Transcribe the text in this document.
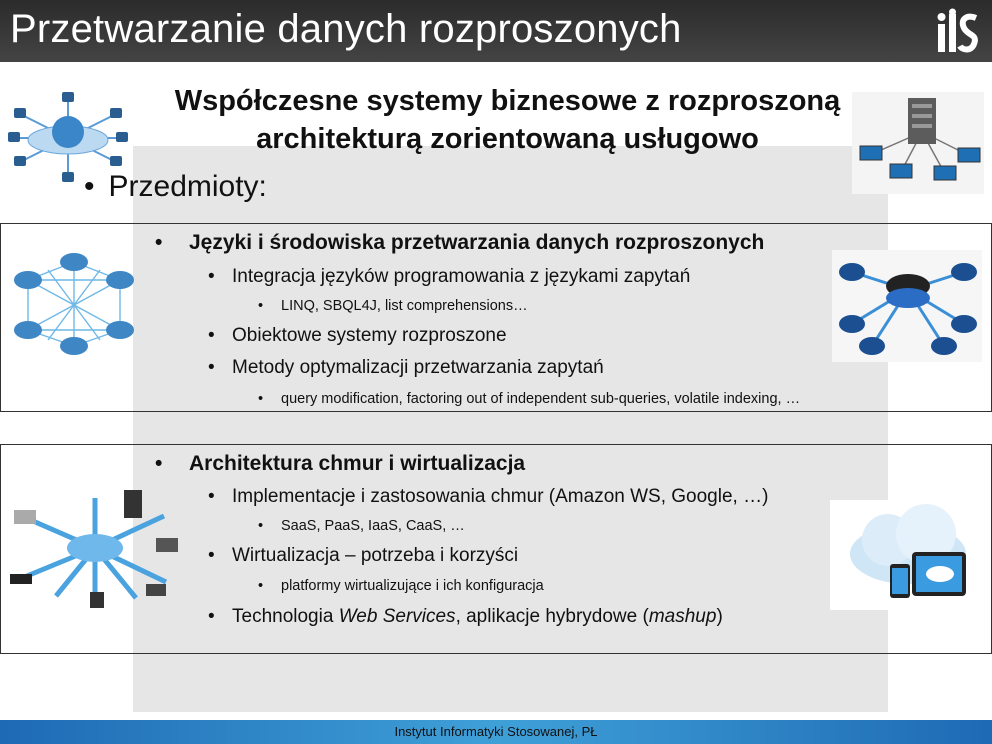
Przetwarzanie danych rozproszonych
Współczesne systemy biznesowe z rozproszoną
architekturą zorientowaną usługowo
• Przedmioty:
• Języki i środowiska przetwarzania danych rozproszonych
• Integracja języków programowania z językami zapytań
• LINQ, SBQL4J, list comprehensions…
• Obiektowe systemy rozproszone
• Metody optymalizacji przetwarzania zapytań
• query modification, factoring out of independent sub-queries, volatile indexing, …
• Architektura chmur i wirtualizacja
• Implementacje i zastosowania chmur (Amazon WS, Google, …)
• SaaS, PaaS, IaaS, CaaS, …
• Wirtualizacja – potrzeba i korzyści
• platformy wirtualizujące i ich konfiguracja
• Technologia Web Services, aplikacje hybrydowe (mashup)
Instytut Informatyki Stosowanej, PŁ
